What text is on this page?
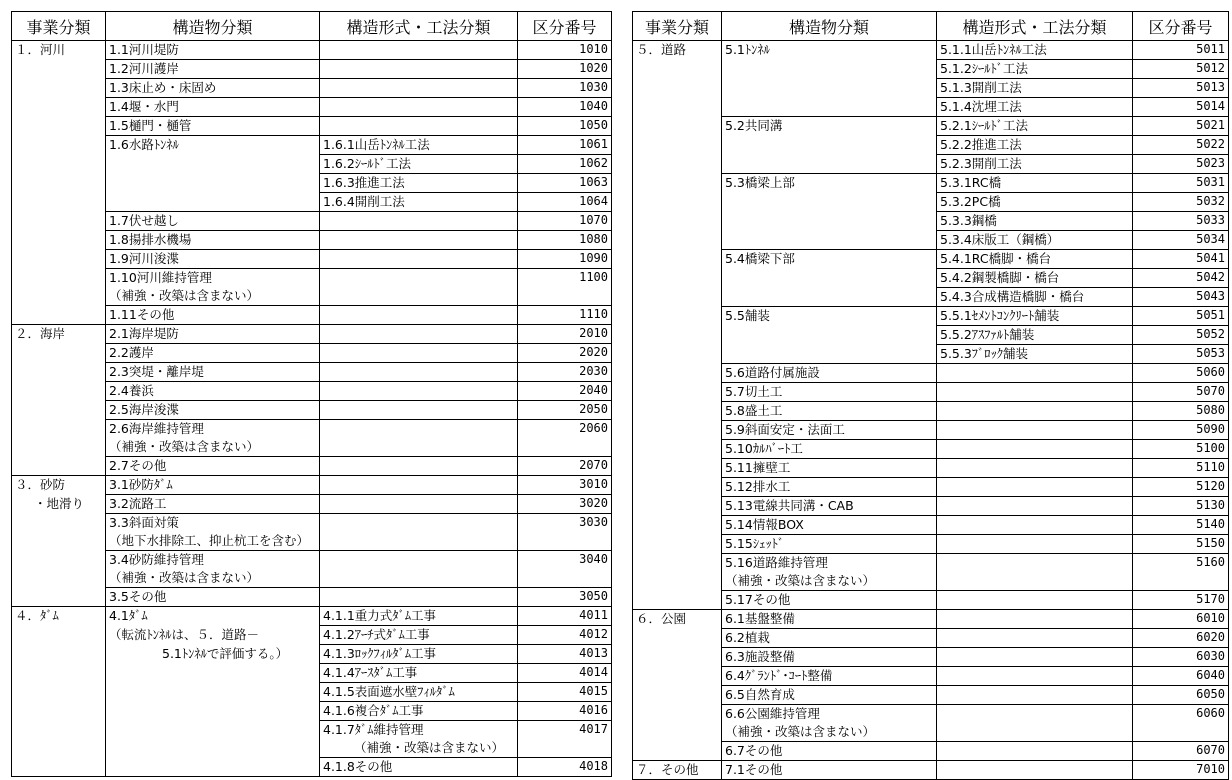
事業分類	構造物分類	構造形式・工法分類	区分番号
１．河川	1.1河川堤防		1010
	1.2河川護岸		1020
	1.3床止め・床固め		1030
	1.4堰・水門		1040
	1.5樋門・樋管		1050
	1.6水路ﾄﾝﾈﾙ	1.6.1山岳ﾄﾝﾈﾙ工法	1061
		1.6.2ｼｰﾙﾄﾞ工法	1062
		1.6.3推進工法	1063
		1.6.4開削工法	1064
	1.7伏せ越し		1070
	1.8揚排水機場		1080
	1.9河川浚渫		1090
	1.10河川維持管理		1100
	（補強・改築は含まない）		
	1.11その他		1110
２．海岸	2.1海岸堤防		2010
	2.2護岸		2020
	2.3突堤・離岸堤		2030
	2.4養浜		2040
	2.5海岸浚渫		2050
	2.6海岸維持管理		2060
	（補強・改築は含まない）		
	2.7その他		2070
３．砂防	3.1砂防ﾀﾞﾑ		3010
・地滑り	3.2流路工		3020
	3.3斜面対策		3030
	（地下水排除工、抑止杭工を含む）		
	3.4砂防維持管理		3040
	（補強・改築は含まない）		
	3.5その他		3050
４．ﾀﾞﾑ	4.1ﾀﾞﾑ	4.1.1重力式ﾀﾞﾑ工事	4011
	（転流ﾄﾝﾈﾙは、５．道路－	4.1.2ｱｰﾁ式ﾀﾞﾑ工事	4012
	5.1ﾄﾝﾈﾙで評価する。）	4.1.3ﾛｯｸﾌｨﾙﾀﾞﾑ工事	4013
		4.1.4ｱｰｽﾀﾞﾑ工事	4014
		4.1.5表面遮水壁ﾌｨﾙﾀﾞﾑ	4015
		4.1.6複合ﾀﾞﾑ工事	4016
		4.1.7ﾀﾞﾑ維持管理	4017
		（補強・改築は含まない）	
		4.1.8その他	4018
事業分類	構造物分類	構造形式・工法分類	区分番号
５．道路	5.1ﾄﾝﾈﾙ	5.1.1山岳ﾄﾝﾈﾙ工法	5011
		5.1.2ｼｰﾙﾄﾞ工法	5012
		5.1.3開削工法	5013
		5.1.4沈埋工法	5014
	5.2共同溝	5.2.1ｼｰﾙﾄﾞ工法	5021
		5.2.2推進工法	5022
		5.2.3開削工法	5023
	5.3橋梁上部	5.3.1RC橋	5031
		5.3.2PC橋	5032
		5.3.3鋼橋	5033
		5.3.4床版工（鋼橋）	5034
	5.4橋梁下部	5.4.1RC橋脚・橋台	5041
		5.4.2鋼製橋脚・橋台	5042
		5.4.3合成構造橋脚・橋台	5043
	5.5舗装	5.5.1ｾﾒﾝﾄｺﾝｸﾘｰﾄ舗装	5051
		5.5.2ｱｽﾌｧﾙﾄ舗装	5052
		5.5.3ﾌﾞﾛｯｸ舗装	5053
	5.6道路付属施設		5060
	5.7切土工		5070
	5.8盛土工		5080
	5.9斜面安定・法面工		5090
	5.10ｶﾙﾊﾞｰﾄ工		5100
	5.11擁壁工		5110
	5.12排水工		5120
	5.13電線共同溝・CAB		5130
	5.14情報BOX		5140
	5.15ｼｪｯﾄﾞ		5150
	5.16道路維持管理		5160
	（補強・改築は含まない）		
	5.17その他		5170
６．公園	6.1基盤整備		6010
	6.2植栽		6020
	6.3施設整備		6030
	6.4ｸﾞﾗﾝﾄﾞ･ｺｰﾄ整備		6040
	6.5自然育成		6050
	6.6公園維持管理		6060
	（補強・改築は含まない）		
	6.7その他		6070
７．その他	7.1その他		7010
